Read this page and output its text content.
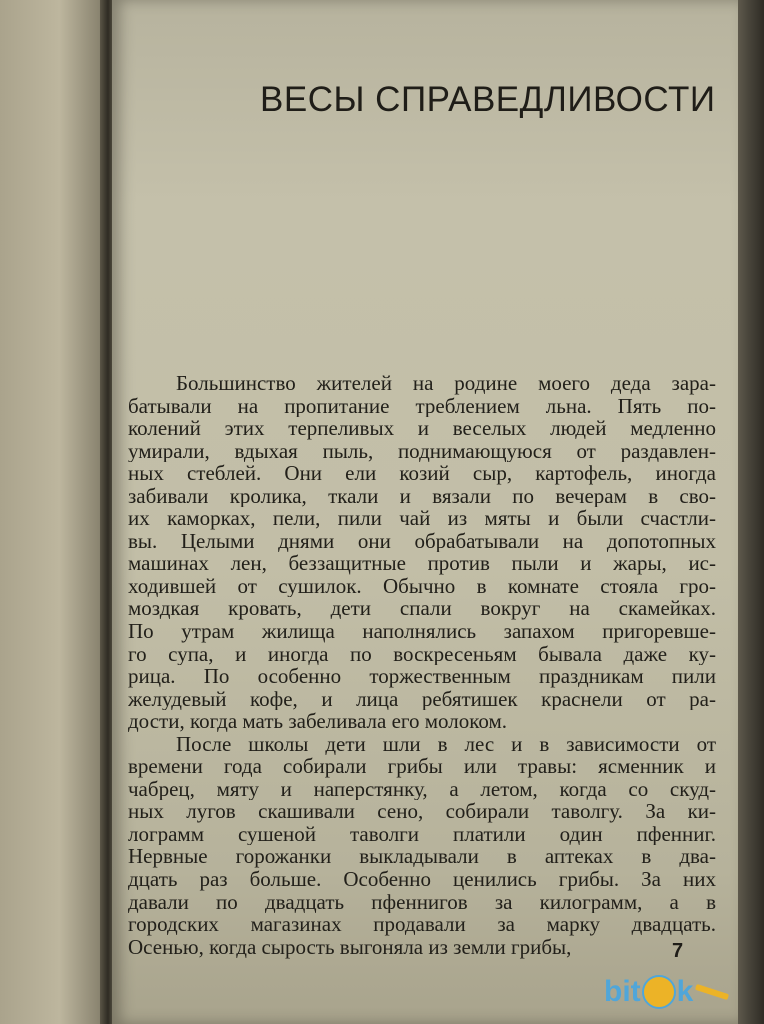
ВЕСЫ СПРАВЕДЛИВОСТИ
Большинство жителей на родине моего деда зара-
батывали на пропитание треблением льна. Пять по-
колений этих терпеливых и веселых людей медленно
умирали, вдыхая пыль, поднимающуюся от раздавлен-
ных стеблей. Они ели козий сыр, картофель, иногда
забивали кролика, ткали и вязали по вечерам в сво-
их каморках, пели, пили чай из мяты и были счастли-
вы. Целыми днями они обрабатывали на допотопных
машинах лен, беззащитные против пыли и жары, ис-
ходившей от сушилок. Обычно в комнате стояла гро-
моздкая кровать, дети спали вокруг на скамейках.
По утрам жилища наполнялись запахом пригоревше-
го супа, и иногда по воскресеньям бывала даже ку-
рица. По особенно торжественным праздникам пили
желудевый кофе, и лица ребятишек краснели от ра-
дости, когда мать забеливала его молоком.
После школы дети шли в лес и в зависимости от
времени года собирали грибы или травы: ясменник и
чабрец, мяту и наперстянку, а летом, когда со скуд-
ных лугов скашивали сено, собирали таволгу. За ки-
лограмм сушеной таволги платили один пфенниг.
Нервные горожанки выкладывали в аптеках в два-
дцать раз больше. Особенно ценились грибы. За них
давали по двадцать пфеннигов за килограмм, а в
городских магазинах продавали за марку двадцать.
Осенью, когда сырость выгоняла из земли грибы,	7
bit k
